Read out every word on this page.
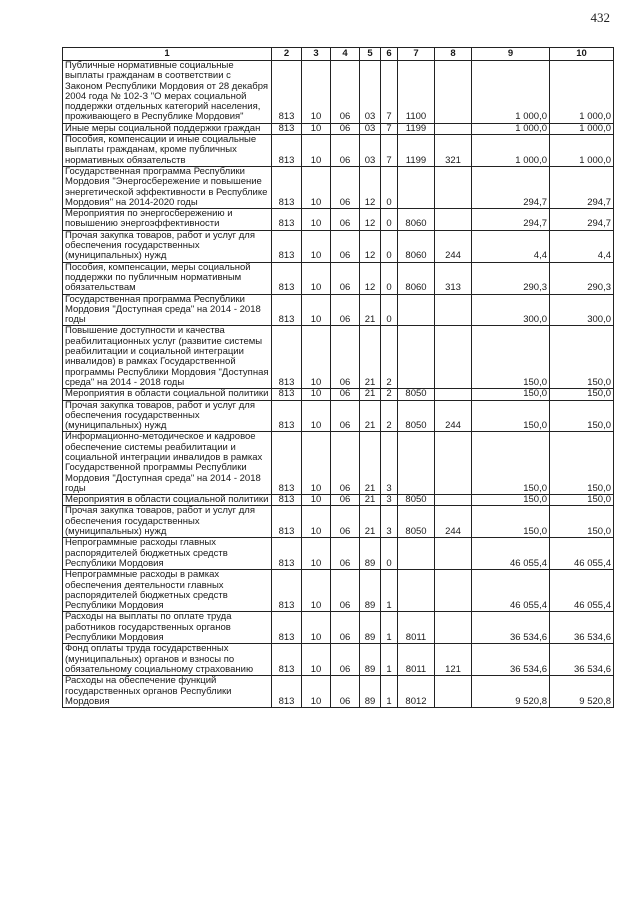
432
1	2	3	4	5	6	7	8	9	10
Публичные нормативные социальные выплаты гражданам в соответствии с Законом Республики Мордовия от 28 декабря 2004 года № 102-З "О мерах социальной поддержки отдельных категорий населения, проживающего в Республике Мордовия"	813	10	06	03	7	1100		1 000,0	1 000,0
Иные меры социальной поддержки граждан	813	10	06	03	7	1199		1 000,0	1 000,0
Пособия, компенсации и иные социальные выплаты гражданам, кроме публичных нормативных обязательств	813	10	06	03	7	1199	321	1 000,0	1 000,0
Государственная программа Республики Мордовия "Энергосбережение и повышение энергетической эффективности в Республике Мордовия" на 2014-2020 годы	813	10	06	12	0			294,7	294,7
Мероприятия по энергосбережению и повышению энергоэффективности	813	10	06	12	0	8060		294,7	294,7
Прочая закупка товаров, работ и услуг для обеспечения государственных (муниципальных) нужд	813	10	06	12	0	8060	244	4,4	4,4
Пособия, компенсации, меры социальной поддержки по публичным нормативным обязательствам	813	10	06	12	0	8060	313	290,3	290,3
Государственная программа Республики Мордовия "Доступная среда" на 2014 - 2018 годы	813	10	06	21	0			300,0	300,0
Повышение доступности и качества реабилитационных услуг (развитие системы реабилитации и социальной интеграции инвалидов) в рамках Государственной программы Республики Мордовия "Доступная среда" на 2014 - 2018 годы	813	10	06	21	2			150,0	150,0
Мероприятия в области социальной политики	813	10	06	21	2	8050		150,0	150,0
Прочая закупка товаров, работ и услуг для обеспечения государственных (муниципальных) нужд	813	10	06	21	2	8050	244	150,0	150,0
Информационно-методическое и кадровое обеспечение системы реабилитации и социальной интеграции инвалидов в рамках Государственной программы Республики Мордовия "Доступная среда" на 2014 - 2018 годы	813	10	06	21	3			150,0	150,0
Мероприятия в области социальной политики	813	10	06	21	3	8050		150,0	150,0
Прочая закупка товаров, работ и услуг для обеспечения государственных (муниципальных) нужд	813	10	06	21	3	8050	244	150,0	150,0
Непрограммные расходы главных распорядителей бюджетных средств Республики Мордовия	813	10	06	89	0			46 055,4	46 055,4
Непрограммные расходы в рамках обеспечения деятельности главных распорядителей бюджетных средств Республики Мордовия	813	10	06	89	1			46 055,4	46 055,4
Расходы на выплаты по оплате труда работников государственных органов Республики Мордовия	813	10	06	89	1	8011		36 534,6	36 534,6
Фонд оплаты труда государственных (муниципальных) органов и взносы по обязательному социальному страхованию	813	10	06	89	1	8011	121	36 534,6	36 534,6
Расходы на обеспечение функций государственных органов Республики Мордовия	813	10	06	89	1	8012		9 520,8	9 520,8
